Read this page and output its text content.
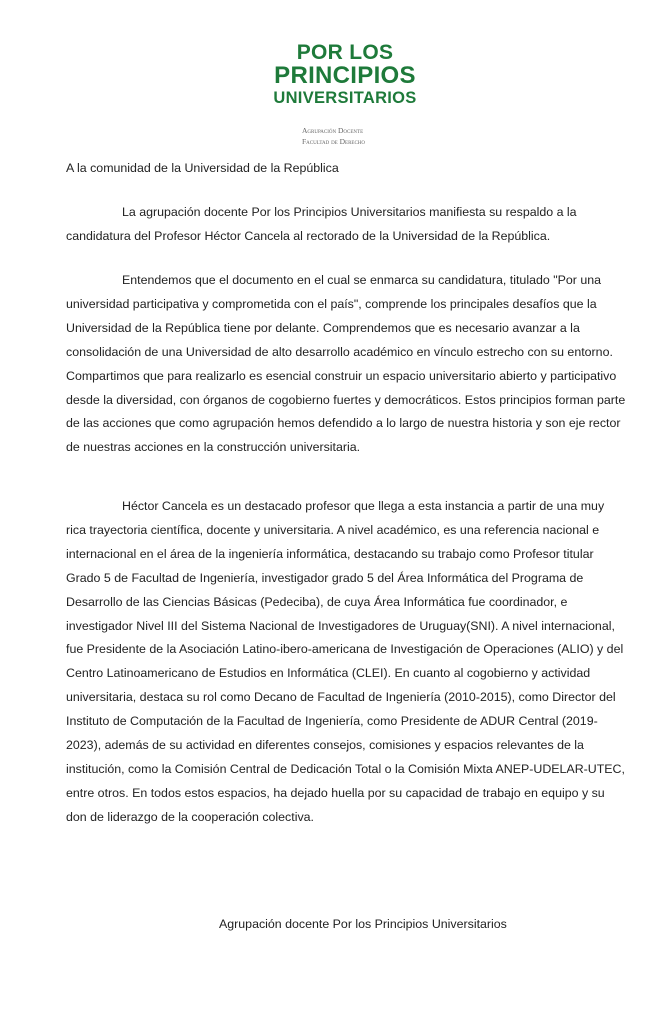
POR LOS
PRINCIPIOS
UNIVERSITARIOS
Agrupación Docente
Facultad de Derecho
A la comunidad de la Universidad de la República
La agrupación docente Por los Principios Universitarios manifiesta su respaldo a la candidatura del Profesor Héctor Cancela al rectorado de la Universidad de la República.
Entendemos que el documento en el cual se enmarca su candidatura, titulado "Por una universidad participativa y comprometida con el país", comprende los principales desafíos que la Universidad de la República tiene por delante. Comprendemos que es necesario avanzar a la consolidación de una Universidad de alto desarrollo académico en vínculo estrecho con su entorno. Compartimos que para realizarlo es esencial construir un espacio universitario abierto y participativo desde la diversidad, con órganos de cogobierno fuertes y democráticos. Estos principios forman parte de las acciones que como agrupación hemos defendido a lo largo de nuestra historia y son eje rector de nuestras acciones en la construcción universitaria.
Héctor Cancela es un destacado profesor que llega a esta instancia a partir de una muy rica trayectoria científica, docente y universitaria. A nivel académico, es una referencia nacional e internacional en el área de la ingeniería informática, destacando su trabajo como Profesor titular Grado 5 de Facultad de Ingeniería, investigador grado 5 del Área Informática del Programa de Desarrollo de las Ciencias Básicas (Pedeciba), de cuya Área Informática fue coordinador, e investigador Nivel III del Sistema Nacional de Investigadores de Uruguay(SNI). A nivel internacional, fue Presidente de la Asociación Latino-ibero-americana de Investigación de Operaciones (ALIO) y del Centro Latinoamericano de Estudios en Informática (CLEI). En cuanto al cogobierno y actividad universitaria, destaca su rol como Decano de Facultad de Ingeniería (2010-2015), como Director del Instituto de Computación de la Facultad de Ingeniería, como Presidente de ADUR Central (2019-2023), además de su actividad en diferentes consejos, comisiones y espacios relevantes de la institución, como la Comisión Central de Dedicación Total o la Comisión Mixta ANEP-UDELAR-UTEC, entre otros. En todos estos espacios, ha dejado huella por su capacidad de trabajo en equipo y su don de liderazgo de la cooperación colectiva.
Agrupación docente Por los Principios Universitarios
